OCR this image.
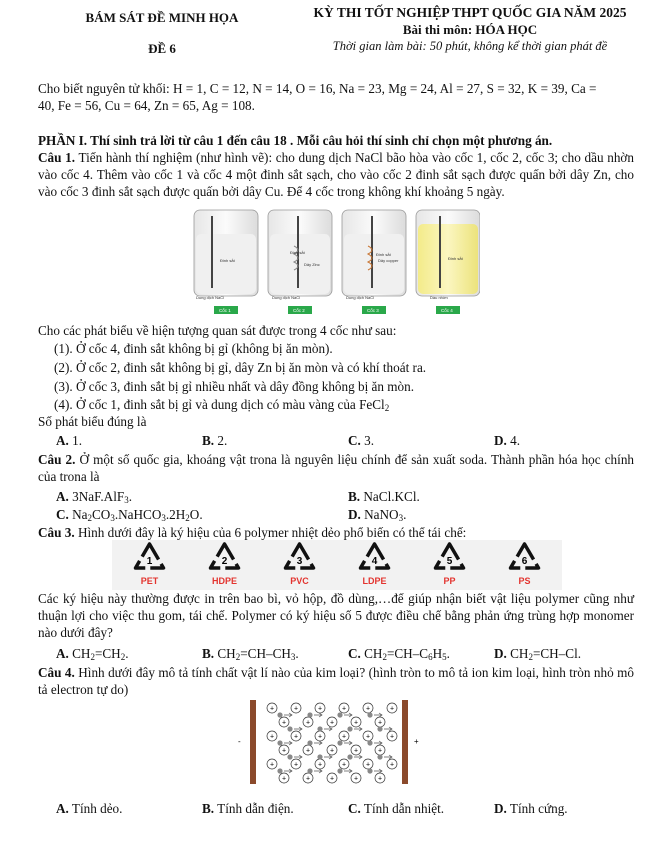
BÁM SÁT ĐỀ MINH HỌA
ĐỀ 6
KỲ THI TỐT NGHIỆP THPT QUỐC GIA NĂM 2025
Bài thi môn: HÓA HỌC
Thời gian làm bài: 50 phút, không kể thời gian phát đề
Cho biết nguyên tử khối: H = 1, C = 12, N = 14, O = 16, Na = 23, Mg = 24, Al = 27, S = 32, K = 39, Ca =
40, Fe = 56, Cu = 64, Zn = 65, Ag = 108.
PHẦN I. Thí sinh trả lời từ câu 1 đến câu 18 . Mỗi câu hỏi thí sinh chỉ chọn một phương án.
Câu 1. Tiến hành thí nghiệm (như hình vẽ): cho dung dịch NaCl bão hòa vào cốc 1, cốc 2, cốc 3; cho dầu nhờn vào cốc 4. Thêm vào cốc 1 và cốc 4 một đinh sắt sạch, cho vào cốc 2 đinh sắt sạch được quấn bởi dây Zn, cho vào cốc 3 đinh sắt sạch được quấn bởi dây Cu. Để 4 cốc trong không khí khoảng 5 ngày.
Đinh sắt
Dung dịch NaCl
Cốc 1
Đinh sắt
Dây Zinc
Dung dịch NaCl
Cốc 2
Đinh sắt
Dây copper
Dung dịch NaCl
Cốc 3
Đinh sắt
Dầu nhờn
Cốc 4
Cho các phát biểu về hiện tượng quan sát được trong 4 cốc như sau:
(1). Ở cốc 4, đinh sắt không bị gỉ (không bị ăn mòn).
(2). Ở cốc 2, đinh sắt không bị gỉ, dây Zn bị ăn mòn và có khí thoát ra.
(3). Ở cốc 3, đinh sắt bị gỉ nhiều nhất và dây đồng không bị ăn mòn.
(4). Ở cốc 1, đinh sắt bị gỉ và dung dịch có màu vàng của FeCl$_2$
Số phát biểu đúng là
A. 1.	B. 2.	C. 3.	D. 4.
Câu 2. Ở một số quốc gia, khoáng vật trona là nguyên liệu chính để sản xuất soda. Thành phần hóa học chính của trona là
A. 3NaF.AlF$_3$.	B. NaCl.KCl.
C. $Na_2CO_3.NaHCO_3.2H_2O$.	D. NaNO$_3$.
Câu 3. Hình dưới đây là ký hiệu của 6 polymer nhiệt dẻo phổ biến có thể tái chế:
1
PET
2
HDPE
3
PVC
4
LDPE
5
PP
6
PS
Các ký hiệu này thường được in trên bao bì, vỏ hộp, đồ dùng,…để giúp nhận biết vật liệu polymer cũng như thuận lợi cho việc thu gom, tái chế. Polymer có ký hiệu số 5 được điều chế bằng phản ứng trùng hợp monomer nào dưới đây?
A. $CH_2=CH_2$.	B. $CH_2=CH-CH_3$.	C. $CH_2=CH-C_6H_5$.	D. $CH_2=CH-Cl$.
Câu 4. Hình dưới đây mô tả tính chất vật lí nào của kim loại? (hình tròn to mô tả ion kim loại, hình tròn nhỏ mô tả electron tự do)
-	+
+	+	+	+	+	+
+	+	+	+	+
+	+	+	+	+	+
+	+	+	+	+
+	+	+	+	+	+
+	+	+	+	+
A. Tính dẻo.	B. Tính dẫn điện.	C. Tính dẫn nhiệt.	D. Tính cứng.
